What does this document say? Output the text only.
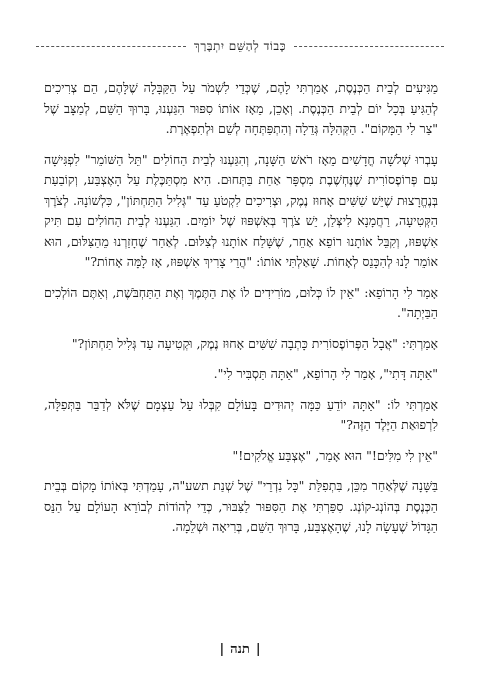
כָּבוֹד לְהַשֵּׁם יִתְבָּרַךְ

מַגִּיעִים לְבֵית הַכְּנֶסֶת, אָמַרְתִּי לָהֶם, שֶׁכְּדֵי לִשְׁמֹר עַל הַקַּבָּלָה שֶׁלָּהֶם, הֵם צְרִיכִים לְהַגִּיעַ בְּכָל יוֹם לְבֵית הַכְּנֶסֶת. וְאָכֵן, מֵאָז אוֹתוֹ סִפּוּר הִגַּעְנוּ, בָּרוּךְ הַשֵּׁם, לְמַצָּב שֶׁל "צַר לִי הַמָּקוֹם". הַקְּהִלָּה גְּדֵלָה וְהִתְפַּתְּחָה לְשֵׁם וּלְתִפְאֶרֶת.

עָבְרוּ שְׁלֹשָׁה חֳדָשִׁים מֵאָז רֹאשׁ הַשָּׁנָה, וְהִגַּעְנוּ לְבֵית הַחוֹלִים "תֵּל הַשּׁוֹמֵר" לִפְגִּישָׁה עִם פְּרוֹפֶסוֹרִית שֶׁנֶּחְשֶׁבֶת מִסְפָּר אַחַת בַּתְּחוּם. הִיא מִסְתַּכֶּלֶת עַל הָאֶצְבַּע, וְקוֹבַעַת בְּנֶחֱרָצוּת שֶׁיֵּשׁ שִׁשִּׁים אָחוּז נֶמֶק, וּצְרִיכִים לִקְטֹעַ עַד "גְּלִיל הַתַּחְתּוֹן", כִּלְשׁוֹנָהּ. לְצֹרֶךְ הַקְּטִיעָה, רַחֲמָנָא לִיצְּלַן, יֵשׁ צֹרֶךְ בְּאִשְׁפּוּז שֶׁל יוֹמַיִם. הִגַּעְנוּ לְבֵית הַחוֹלִים עִם תִּיק אִשְׁפּוּז, וְקִבֵּל אוֹתָנוּ רוֹפֵא אַחֵר, שֶׁשָּׁלַח אוֹתָנוּ לְצִלּוּם. לְאַחַר שֶׁחָזַרְנוּ מֵהַצִּלּוּם, הוּא אוֹמֵר לָנוּ לְהִכָּנֵס לְאָחוֹת. שָׁאַלְתִּי אוֹתוֹ: "הֲרֵי צָרִיךְ אִשְׁפּוּז, אָז לָמָּה אָחוֹת?"

אָמַר לִי הָרוֹפֵא: "אֵין לוֹ כְּלוּם, מוֹרִידִים לוֹ אֶת הַתֶּמֶךְ וְאֶת הַתַּחְבֹּשֶׁת, וְאַתֶּם הוֹלְכִים הַבַּיְתָה".

אָמַרְתִּי: "אֲבָל הַפְּרוֹפֶסוֹרִית כָּתְבָה שִׁשִּׁים אָחוּז נֶמֶק, וּקְטִיעָה עַד גְּלִיל תַּחְתּוֹן?"

"אַתָּה דָּתִי", אָמַר לִי הָרוֹפֵא, "אַתָּה תַּסְבִּיר לִי".

אָמַרְתִּי לוֹ: "אַתָּה יוֹדֵעַ כַּמָּה יְהוּדִים בָּעוֹלָם קִבְּלוּ עַל עַצְמָם שֶׁלֹּא לְדַבֵּר בַּתְּפִלָּה, לִרְפוּאַת הַיֶּלֶד הַזֶּה?"

"אֵין לִי מִלִּים!" הוּא אָמַר, "אֶצְבַּע אֱלֹקִים!"

בַּשָּׁנָה שֶׁלְּאַחַר מִכֵּן, בִּתְפִלַּת "כָּל נִדְרֵי" שֶׁל שְׁנַת תשע"ה, עָמַדְתִּי בְּאוֹתוֹ מָקוֹם בְּבֵית הַכְּנֶסֶת בְּהוֹנְג-קוֹנְג. סִפַּרְתִּי אֶת הַסִּפּוּר לַצִּבּוּר, כְּדֵי לְהוֹדוֹת לְבוֹרֵא הָעוֹלָם עַל הַנֵּס הַגָּדוֹל שֶׁעָשָׂה לָנוּ, שֶׁהָאֶצְבַּע, בָּרוּךְ הַשֵּׁם, בְּרִיאָה וּשְׁלֵמָה.

|תנה|
